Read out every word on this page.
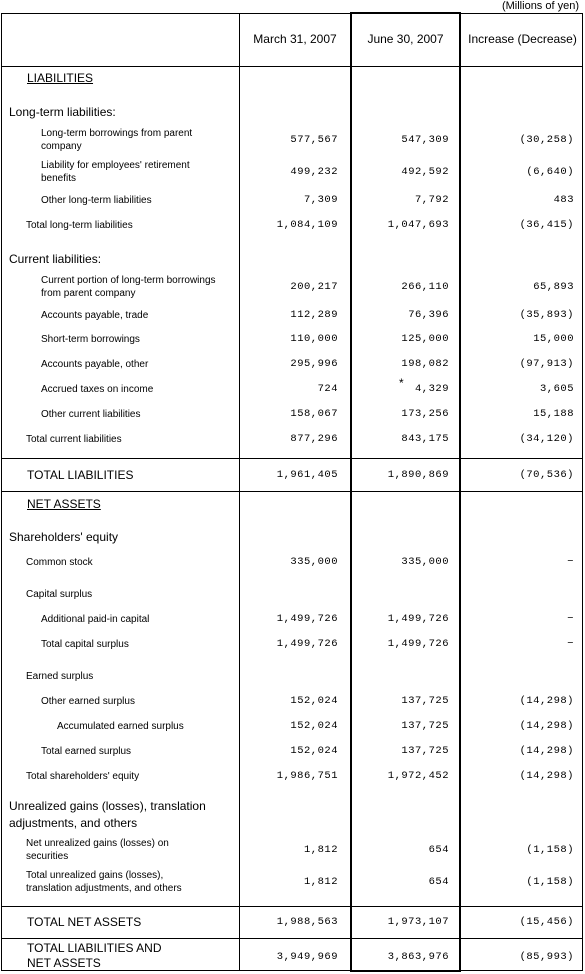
(Millions of yen)
March 31, 2007	June 30, 2007	Increase (Decrease)
LIABILITIES
Long-term liabilities:
Long-term borrowings from parent company
577,567	547,309	(30,258)
Liability for employees' retirement benefits
499,232	492,592	(6,640)
Other long-term liabilities	7,309	7,792	483
Total long-term liabilities	1,084,109	1,047,693	(36,415)
Current liabilities:
Current portion of long-term borrowings from parent company
200,217	266,110	65,893
Accounts payable, trade	112,289	76,396	(35,893)
Short-term borrowings	110,000	125,000	15,000
Accounts payable, other	295,996	198,082	(97,913)
Accrued taxes on income	724	* 4,329	3,605
Other current liabilities	158,067	173,256	15,188
Total current liabilities	877,296	843,175	(34,120)
TOTAL LIABILITIES	1,961,405	1,890,869	(70,536)
NET ASSETS
Shareholders' equity
Common stock	335,000	335,000	−
Capital surplus
Additional paid-in capital	1,499,726	1,499,726	−
Total capital surplus	1,499,726	1,499,726	−
Earned surplus
Other earned surplus	152,024	137,725	(14,298)
Accumulated earned surplus	152,024	137,725	(14,298)
Total earned surplus	152,024	137,725	(14,298)
Total shareholders' equity	1,986,751	1,972,452	(14,298)
Unrealized gains (losses), translation adjustments, and others
Net unrealized gains (losses) on securities
1,812	654	(1,158)
Total unrealized gains (losses), translation adjustments, and others
1,812	654	(1,158)
TOTAL NET ASSETS	1,988,563	1,973,107	(15,456)
TOTAL LIABILITIES AND NET ASSETS	3,949,969	3,863,976	(85,993)
